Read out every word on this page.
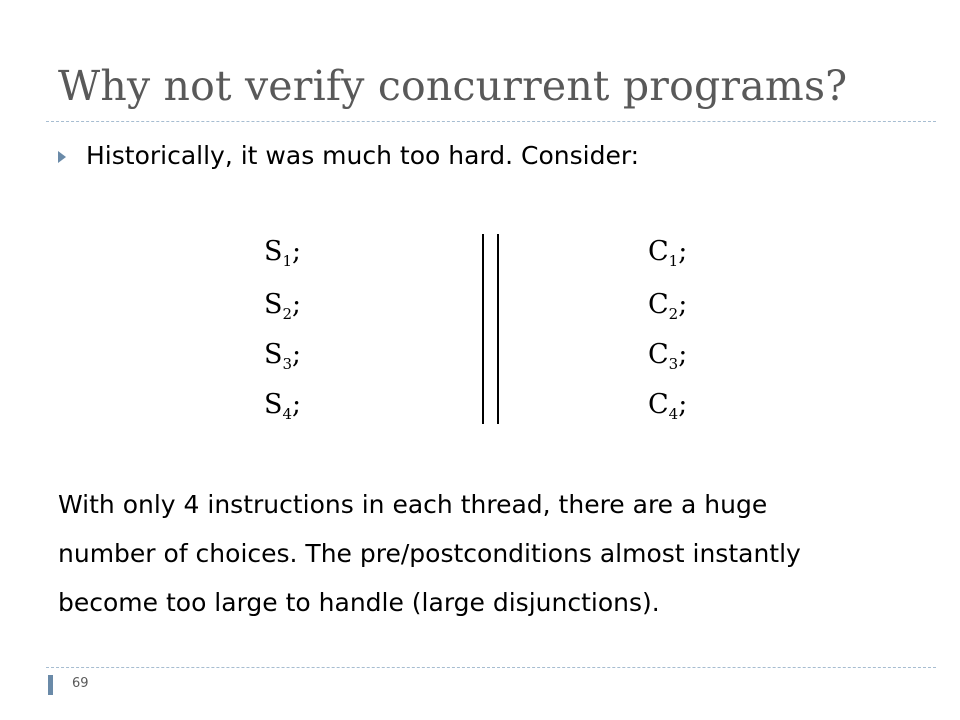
Why not verify concurrent programs?
Historically, it was much too hard. Consider:
$S_1$;
$S_2$;
$S_3$;
$S_4$;
$C_1$;
$C_2$;
$C_3$;
$C_4$;
With only 4 instructions in each thread, there are a huge
number of choices. The pre/postconditions almost instantly
become too large to handle (large disjunctions).
69
